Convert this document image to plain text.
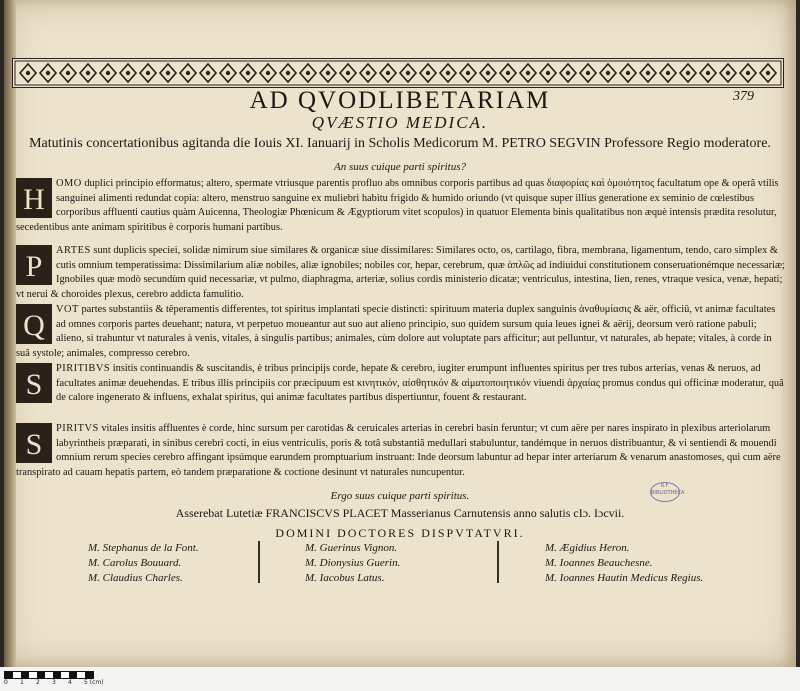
379
AD QVODLIBETARIAM
QVÆSTIO MEDICA.
Matutinis concertationibus agitanda die Iouis XI. Ianuarij in Scholis Medicorum M. PETRO SEGVIN Professore Regio moderatore.
An suus cuique parti spiritus?
H OMO duplici principio efformatus; altero, spermate vtriusque parentis profluo abs omnibus corporis partibus ad quas διαφορίας καὶ ὁμοιότητος facultatum ope & operâ vtilis sanguinei alimenti redundat copia: altero, menstruo sanguine ex muliebri habitu frigido & humido oriundo (vt quisque super illius generatione ex seminio de cœlestibus corporibus affluenti cautius quàm Auicenna, Theologiæ Phœnicum & Ægyptiorum vitet scopulos) in quatuor Elementa binis qualitatibus non æquè intensis prædita resolutur, secedentibus ante animam spiritibus è corporis humani partibus.
P ARTES sunt duplicis speciei, solidæ nimirum siue similares & organicæ siue dissimilares: Similares octo, os, cartilago, fibra, membrana, ligamentum, tendo, caro simplex & cutis omnium temperatissima: Dissimilarium aliæ nobiles, aliæ ignobiles; nobiles cor, hepar, cerebrum, quæ ἁπλῶς ad indiuidui constitutionem conseruationémque necessariæ; Ignobiles quæ modò secundùm quid necessariæ, vt pulmo, diaphragma, arteriæ, solius cordis ministerio dicatæ; ventriculus, intestina, lien, renes, vtraque vesica, venæ, hepati; vt nerui & choroides plexus, cerebro addicta famulitio.
Q VOT partes substantiis & têperamentis differentes, tot spiritus implantati specie distincti: spirituum materia duplex sanguinis ἀναθυμίασις & aër, officiû, vt animæ facultates ad omnes corporis partes deuehant; natura, vt perpetuo moueantur aut suo aut alieno principio, suo quidem sursum quia leues ignei & aërij, deorsum verò ratione pabuli; alieno, si trahuntur vt naturales à venis, vitales, à singulis partibus; animales, cùm dolore aut voluptate pars afficitur; aut pelluntur, vt naturales, ab hepate; vitales, à corde in suâ systole; animales, compresso cerebro.
S PIRITIBVS insitis continuandis & suscitandis, è tribus principijs corde, hepate & cerebro, iugiter erumpunt influentes spiritus per tres tubos arterias, venas & neruos, ad facultates animæ deuehendas. E tribus illis principiis cor præcipuum est κινητικόν, αἰσθητικόν & αἱματοποιητικόν viuendi ἀρχαίας promus condus qui officinæ moderatur, quâ de calore ingenerato & influens, exhalat spiritus, qui animæ facultates partibus dispertiuntur, fouent & restaurant.
S PIRITVS vitales insitis affluentes è corde, hinc sursum per carotidas & ceruicales arterias in cerebri basin feruntur; vt cum aëre per nares inspirato in plexibus arteriolarum labyrintheis præparati, in sinibus cerebri cocti, in eius ventriculis, poris & totâ substantiâ medullari stabuluntur, tandémque in neruos distribuantur, & vi sentiendi & mouendi omnium rerum species cerebro affingant ipsúmque earundem promptuarium instruant: Inde deorsum labuntur ad hepar inter arteriarum & venarum anastomoses, qui cum aëre transpirato ad cauam hepatis partem, eò tandem præparatione & coctione desinunt vt naturales nuncupentur.
Ergo suus cuique parti spiritus.
Asserebat Lutetiæ FRANCISCVS PLACET Masserianus Carnutensis anno salutis cIɔ. Iɔcvii.
DOMINI DOCTORES DISPVTATVRI.
R.F. BIBLIOTHECA
M. Stephanus de la Font.
M. Carolus Bouuard.
M. Claudius Charles.
M. Guerinus Vignon.
M. Dionysius Guerin.
M. Iacobus Latus.
M. Ægidius Heron.
M. Ioannes Beauchesne.
M. Ioannes Hautin Medicus Regius.
0 1 2 3 4 5 (cm)
